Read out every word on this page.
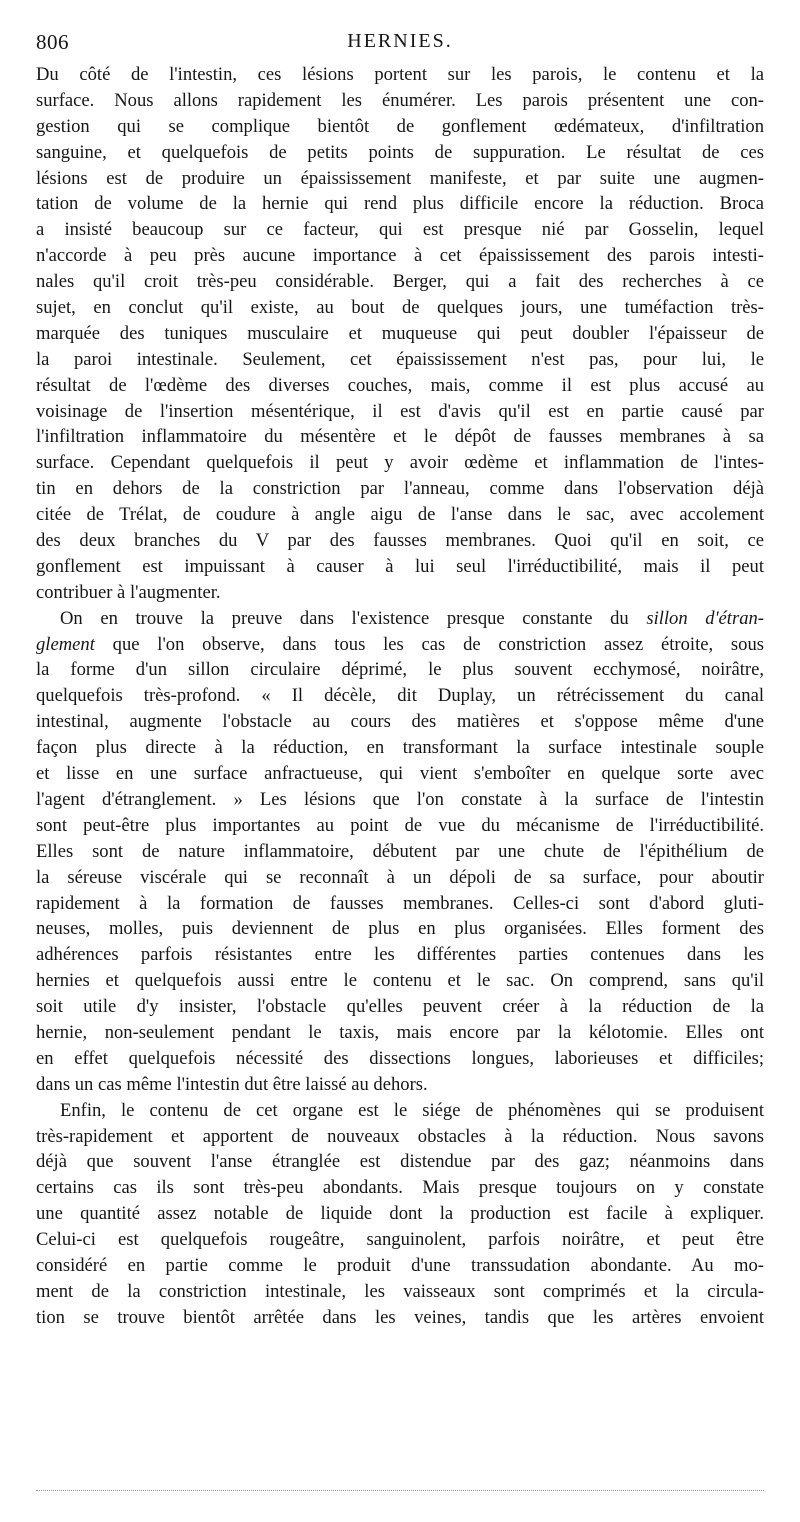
806	HERNIES.
Du côté de l'intestin, ces lésions portent sur les parois, le contenu et la
surface. Nous allons rapidement les énumérer. Les parois présentent une con-
gestion qui se complique bientôt de gonflement œdémateux, d'infiltration
sanguine, et quelquefois de petits points de suppuration. Le résultat de ces
lésions est de produire un épaississement manifeste, et par suite une augmen-
tation de volume de la hernie qui rend plus difficile encore la réduction. Broca
a insisté beaucoup sur ce facteur, qui est presque nié par Gosselin, lequel
n'accorde à peu près aucune importance à cet épaississement des parois intesti-
nales qu'il croit très-peu considérable. Berger, qui a fait des recherches à ce
sujet, en conclut qu'il existe, au bout de quelques jours, une tuméfaction très-
marquée des tuniques musculaire et muqueuse qui peut doubler l'épaisseur de
la paroi intestinale. Seulement, cet épaississement n'est pas, pour lui, le
résultat de l'œdème des diverses couches, mais, comme il est plus accusé au
voisinage de l'insertion mésentérique, il est d'avis qu'il est en partie causé par
l'infiltration inflammatoire du mésentère et le dépôt de fausses membranes à sa
surface. Cependant quelquefois il peut y avoir œdème et inflammation de l'intes-
tin en dehors de la constriction par l'anneau, comme dans l'observation déjà
citée de Trélat, de coudure à angle aigu de l'anse dans le sac, avec accolement
des deux branches du V par des fausses membranes. Quoi qu'il en soit, ce
gonflement est impuissant à causer à lui seul l'irréductibilité, mais il peut
contribuer à l'augmenter.
On en trouve la preuve dans l'existence presque constante du sillon d'étran-
glement que l'on observe, dans tous les cas de constriction assez étroite, sous
la forme d'un sillon circulaire déprimé, le plus souvent ecchymosé, noirâtre,
quelquefois très-profond. « Il décèle, dit Duplay, un rétrécissement du canal
intestinal, augmente l'obstacle au cours des matières et s'oppose même d'une
façon plus directe à la réduction, en transformant la surface intestinale souple
et lisse en une surface anfractueuse, qui vient s'emboîter en quelque sorte avec
l'agent d'étranglement. » Les lésions que l'on constate à la surface de l'intestin
sont peut-être plus importantes au point de vue du mécanisme de l'irréductibilité.
Elles sont de nature inflammatoire, débutent par une chute de l'épithélium de
la séreuse viscérale qui se reconnaît à un dépoli de sa surface, pour aboutir
rapidement à la formation de fausses membranes. Celles-ci sont d'abord gluti-
neuses, molles, puis deviennent de plus en plus organisées. Elles forment des
adhérences parfois résistantes entre les différentes parties contenues dans les
hernies et quelquefois aussi entre le contenu et le sac. On comprend, sans qu'il
soit utile d'y insister, l'obstacle qu'elles peuvent créer à la réduction de la
hernie, non-seulement pendant le taxis, mais encore par la kélotomie. Elles ont
en effet quelquefois nécessité des dissections longues, laborieuses et difficiles;
dans un cas même l'intestin dut être laissé au dehors.
Enfin, le contenu de cet organe est le siége de phénomènes qui se produisent
très-rapidement et apportent de nouveaux obstacles à la réduction. Nous savons
déjà que souvent l'anse étranglée est distendue par des gaz; néanmoins dans
certains cas ils sont très-peu abondants. Mais presque toujours on y constate
une quantité assez notable de liquide dont la production est facile à expliquer.
Celui-ci est quelquefois rougeâtre, sanguinolent, parfois noirâtre, et peut être
considéré en partie comme le produit d'une transsudation abondante. Au mo-
ment de la constriction intestinale, les vaisseaux sont comprimés et la circula-
tion se trouve bientôt arrêtée dans les veines, tandis que les artères envoient
